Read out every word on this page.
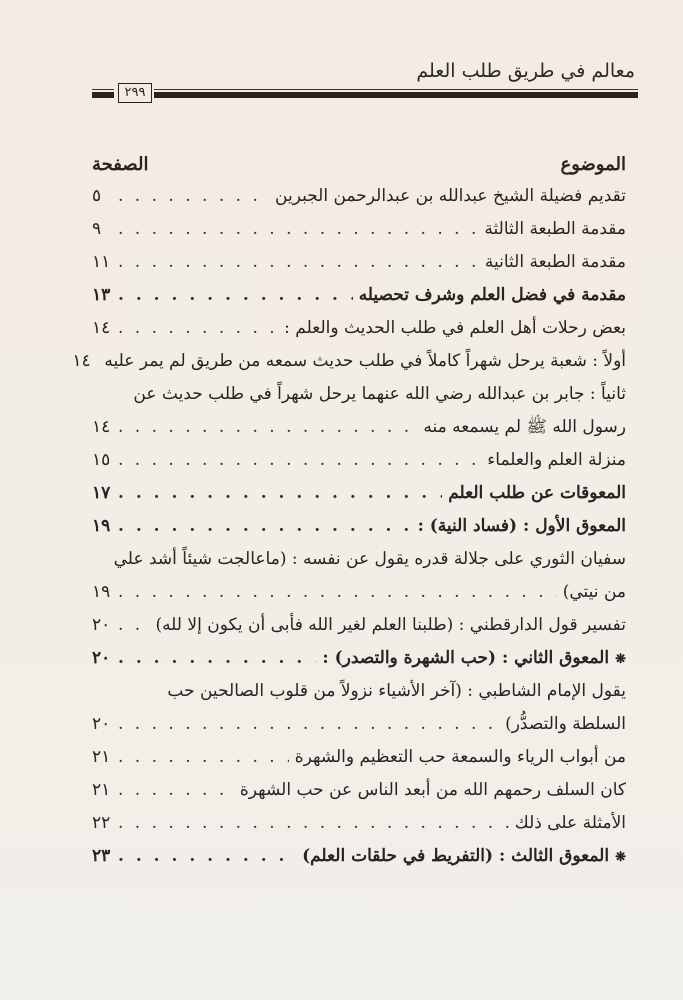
معالم في طريق طلب العلم
٢٩٩
الموضوع
الصفحة
تقديم فضيلة الشيخ عبدالله بن عبدالرحمن الجبرين
. . .
٥
مقدمة الطبعة الثالثة
. . .
٩
مقدمة الطبعة الثانية
. . .
١١
مقدمة في فضل العلم وشرف تحصيله
. . .
١٣
بعض رحلات أهل العلم في طلب الحديث والعلم :
. . .
١٤
أولاً : شعبة يرحل شهراً كاملاً في طلب حديث سمعه من طريق لم يمر عليه
١٤
ثانياً : جابر بن عبدالله رضي الله عنهما يرحل شهراً في طلب حديث عن
رسول الله ﷺ لم يسمعه منه
. . .
١٤
منزلة العلم والعلماء
. . .
١٥
المعوقات عن طلب العلم
. . .
١٧
المعوق الأول : (فساد النية) :
. . .
١٩
سفيان الثوري على جلالة قدره يقول عن نفسه : (ماعالجت شيئاً أشد علي
من نيتي)
. . .
١٩
تفسير قول الدارقطني : (طلبنا العلم لغير الله فأبى أن يكون إلا لله)
. . .
٢٠
❋
المعوق الثاني : (حب الشهرة والتصدر) :
. . .
٢٠
يقول الإمام الشاطبي : (آخر الأشياء نزولاً من قلوب الصالحين حب
السلطة والتصدُّر)
. . .
٢٠
من أبواب الرياء والسمعة حب التعظيم والشهرة
. . .
٢١
كان السلف رحمهم الله من أبعد الناس عن حب الشهرة
. . .
٢١
الأمثلة على ذلك
. . .
٢٢
❋
المعوق الثالث : (التفريط في حلقات العلم)
. . .
٢٣
